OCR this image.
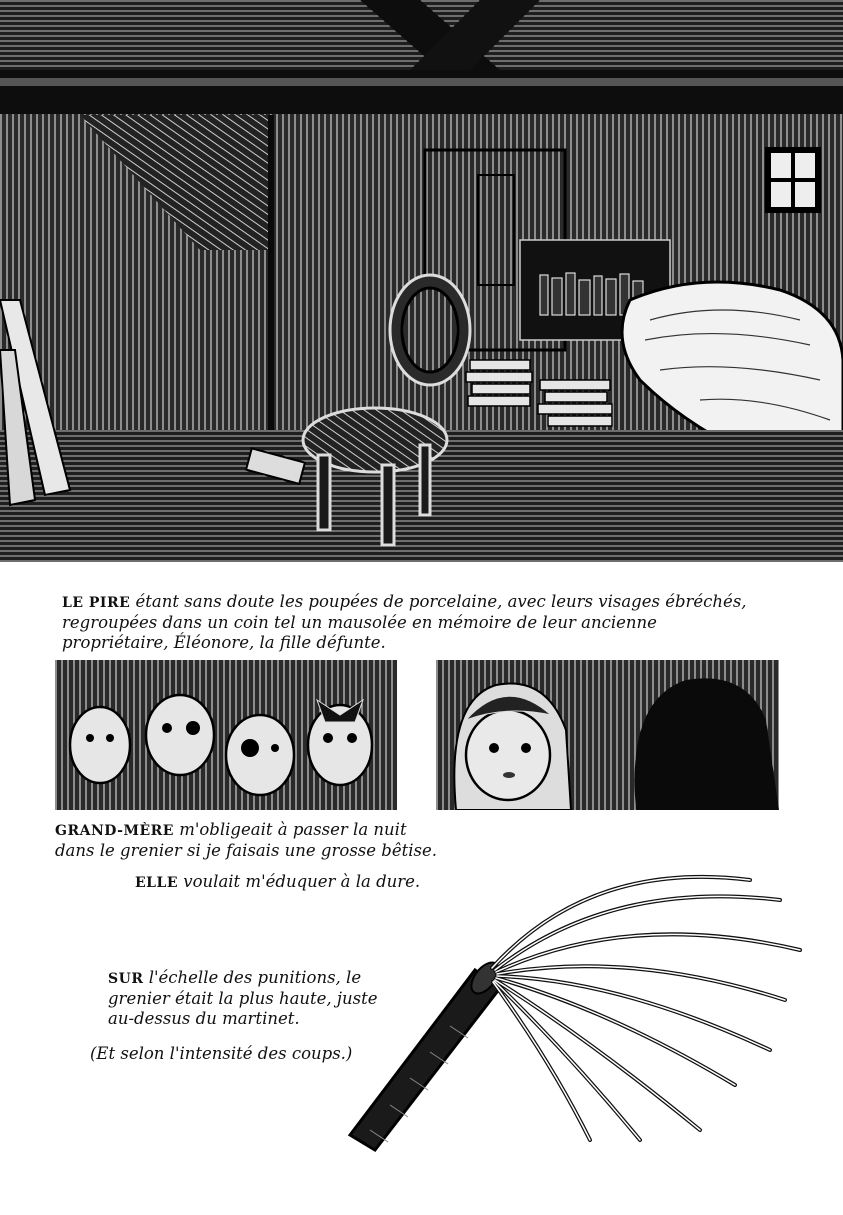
LE PIRE étant sans doute les poupées de porcelaine, avec leurs visages ébréchés, regroupées dans un coin tel un mausolée en mémoire de leur ancienne propriétaire, Éléonore, la fille défunte.
GRAND-MÈRE m'obligeait à passer la nuit dans le grenier si je faisais une grosse bêtise.
ELLE voulait m'éduquer à la dure.
SUR l'échelle des punitions, le grenier était la plus haute, juste au-dessus du martinet.
(Et selon l'intensité des coups.)
